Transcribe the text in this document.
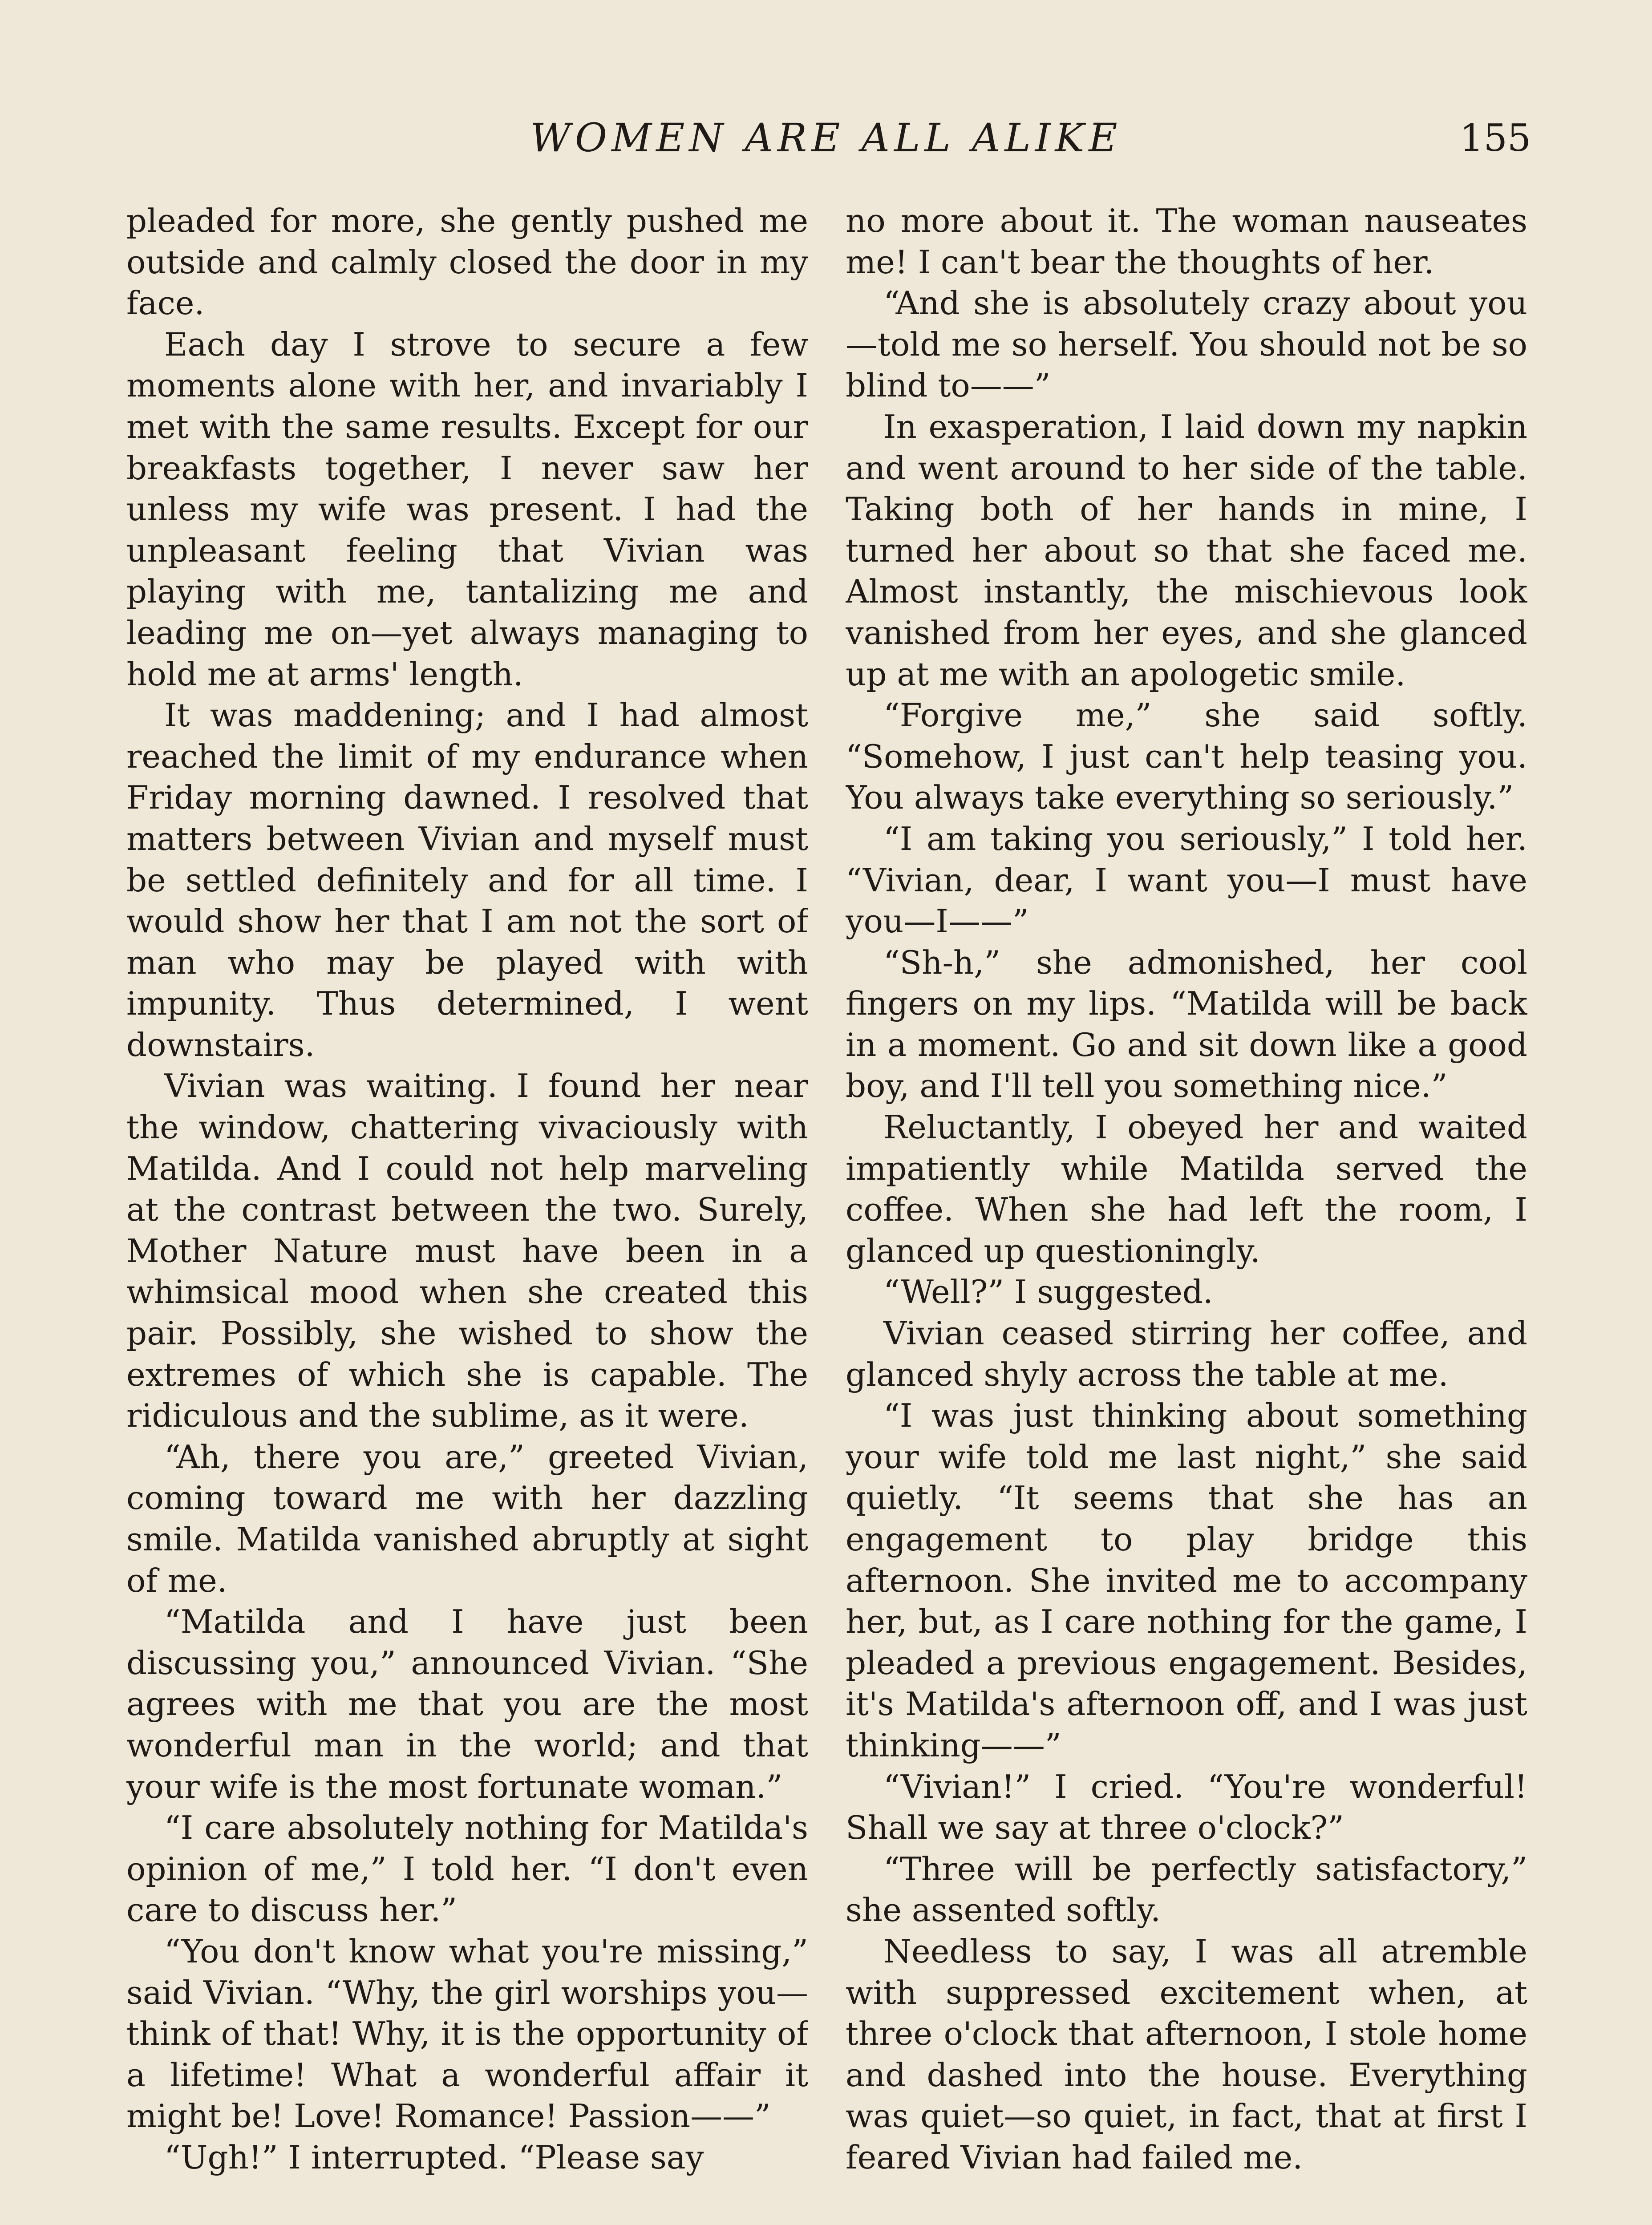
WOMEN ARE ALL ALIKE	155

pleaded for more, she gently pushed me outside and calmly closed the door in my face.

Each day I strove to secure a few moments alone with her, and invariably I met with the same results. Except for our breakfasts together, I never saw her unless my wife was present. I had the unpleasant feeling that Vivian was playing with me, tantalizing me and leading me on—yet always managing to hold me at arms' length.

It was maddening; and I had almost reached the limit of my endurance when Friday morning dawned. I resolved that matters between Vivian and myself must be settled definitely and for all time. I would show her that I am not the sort of man who may be played with with impunity. Thus determined, I went downstairs.

Vivian was waiting. I found her near the window, chattering vivaciously with Matilda. And I could not help marveling at the contrast between the two. Surely, Mother Nature must have been in a whimsical mood when she created this pair. Possibly, she wished to show the extremes of which she is capable. The ridiculous and the sublime, as it were.

“Ah, there you are,” greeted Vivian, coming toward me with her dazzling smile. Matilda vanished abruptly at sight of me.

“Matilda and I have just been discussing you,” announced Vivian. “She agrees with me that you are the most wonderful man in the world; and that your wife is the most fortunate woman.”

“I care absolutely nothing for Matilda's opinion of me,” I told her. “I don't even care to discuss her.”

“You don't know what you're missing,” said Vivian. “Why, the girl worships you—think of that! Why, it is the opportunity of a lifetime! What a wonderful affair it might be! Love! Romance! Passion——”

“Ugh!” I interrupted. “Please say

no more about it. The woman nauseates me! I can't bear the thoughts of her.

“And she is absolutely crazy about you —told me so herself. You should not be so blind to——”

In exasperation, I laid down my napkin and went around to her side of the table. Taking both of her hands in mine, I turned her about so that she faced me. Almost instantly, the mischievous look vanished from her eyes, and she glanced up at me with an apologetic smile.

“Forgive me,” she said softly. “Somehow, I just can't help teasing you. You always take everything so seriously.”

“I am taking you seriously,” I told her. “Vivian, dear, I want you—I must have you—I——”

“Sh-h,” she admonished, her cool fingers on my lips. “Matilda will be back in a moment. Go and sit down like a good boy, and I'll tell you something nice.”

Reluctantly, I obeyed her and waited impatiently while Matilda served the coffee. When she had left the room, I glanced up questioningly.

“Well?” I suggested.

Vivian ceased stirring her coffee, and glanced shyly across the table at me.

“I was just thinking about something your wife told me last night,” she said quietly. “It seems that she has an engagement to play bridge this afternoon. She invited me to accompany her, but, as I care nothing for the game, I pleaded a previous engagement. Besides, it's Matilda's afternoon off, and I was just thinking——”

“Vivian!” I cried. “You're wonderful! Shall we say at three o'clock?”

“Three will be perfectly satisfactory,” she assented softly.

Needless to say, I was all atremble with suppressed excitement when, at three o'clock that afternoon, I stole home and dashed into the house. Everything was quiet—so quiet, in fact, that at first I feared Vivian had failed me.
